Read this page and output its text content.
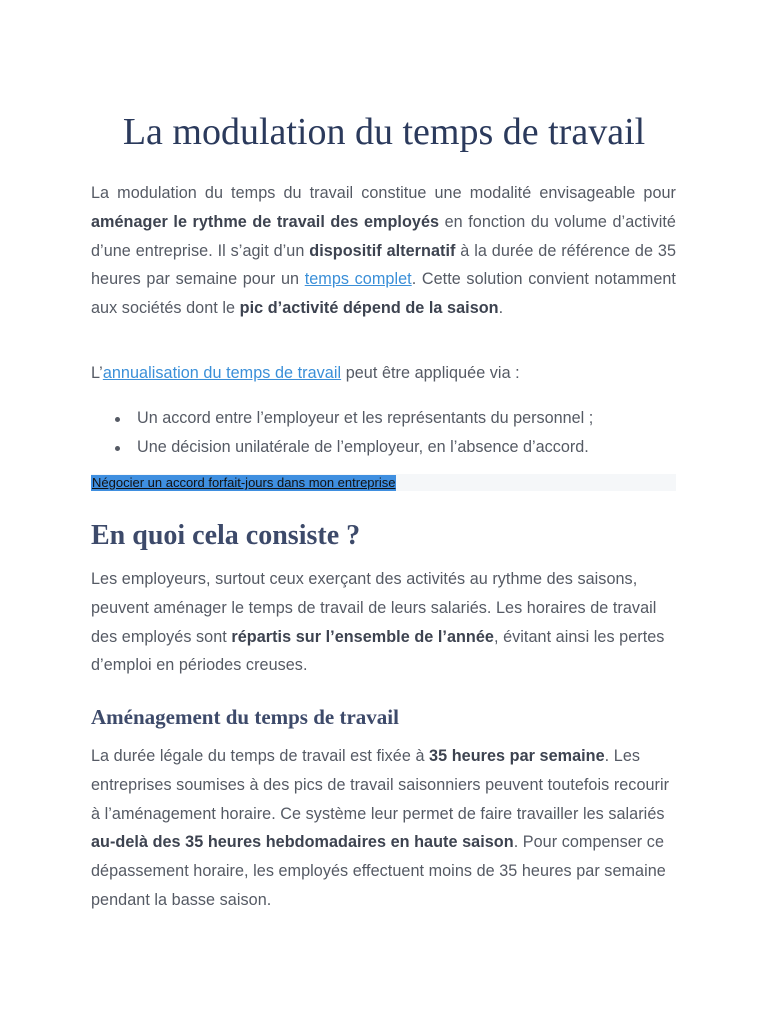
La modulation du temps de travail

La modulation du temps du travail constitue une modalité envisageable pour aménager le rythme de travail des employés en fonction du volume d’activité d’une entreprise. Il s’agit d’un dispositif alternatif à la durée de référence de 35 heures par semaine pour un temps complet. Cette solution convient notamment aux sociétés dont le pic d’activité dépend de la saison.

L’annualisation du temps de travail peut être appliquée via :

Un accord entre l’employeur et les représentants du personnel ;
Une décision unilatérale de l’employeur, en l’absence d’accord.
Négocier un accord forfait-jours dans mon entreprise
En quoi cela consiste ?

Les employeurs, surtout ceux exerçant des activités au rythme des saisons, peuvent aménager le temps de travail de leurs salariés. Les horaires de travail des employés sont répartis sur l’ensemble de l’année, évitant ainsi les pertes d’emploi en périodes creuses.

Aménagement du temps de travail

La durée légale du temps de travail est fixée à 35 heures par semaine. Les entreprises soumises à des pics de travail saisonniers peuvent toutefois recourir à l’aménagement horaire. Ce système leur permet de faire travailler les salariés au-delà des 35 heures hebdomadaires en haute saison. Pour compenser ce dépassement horaire, les employés effectuent moins de 35 heures par semaine pendant la basse saison.
